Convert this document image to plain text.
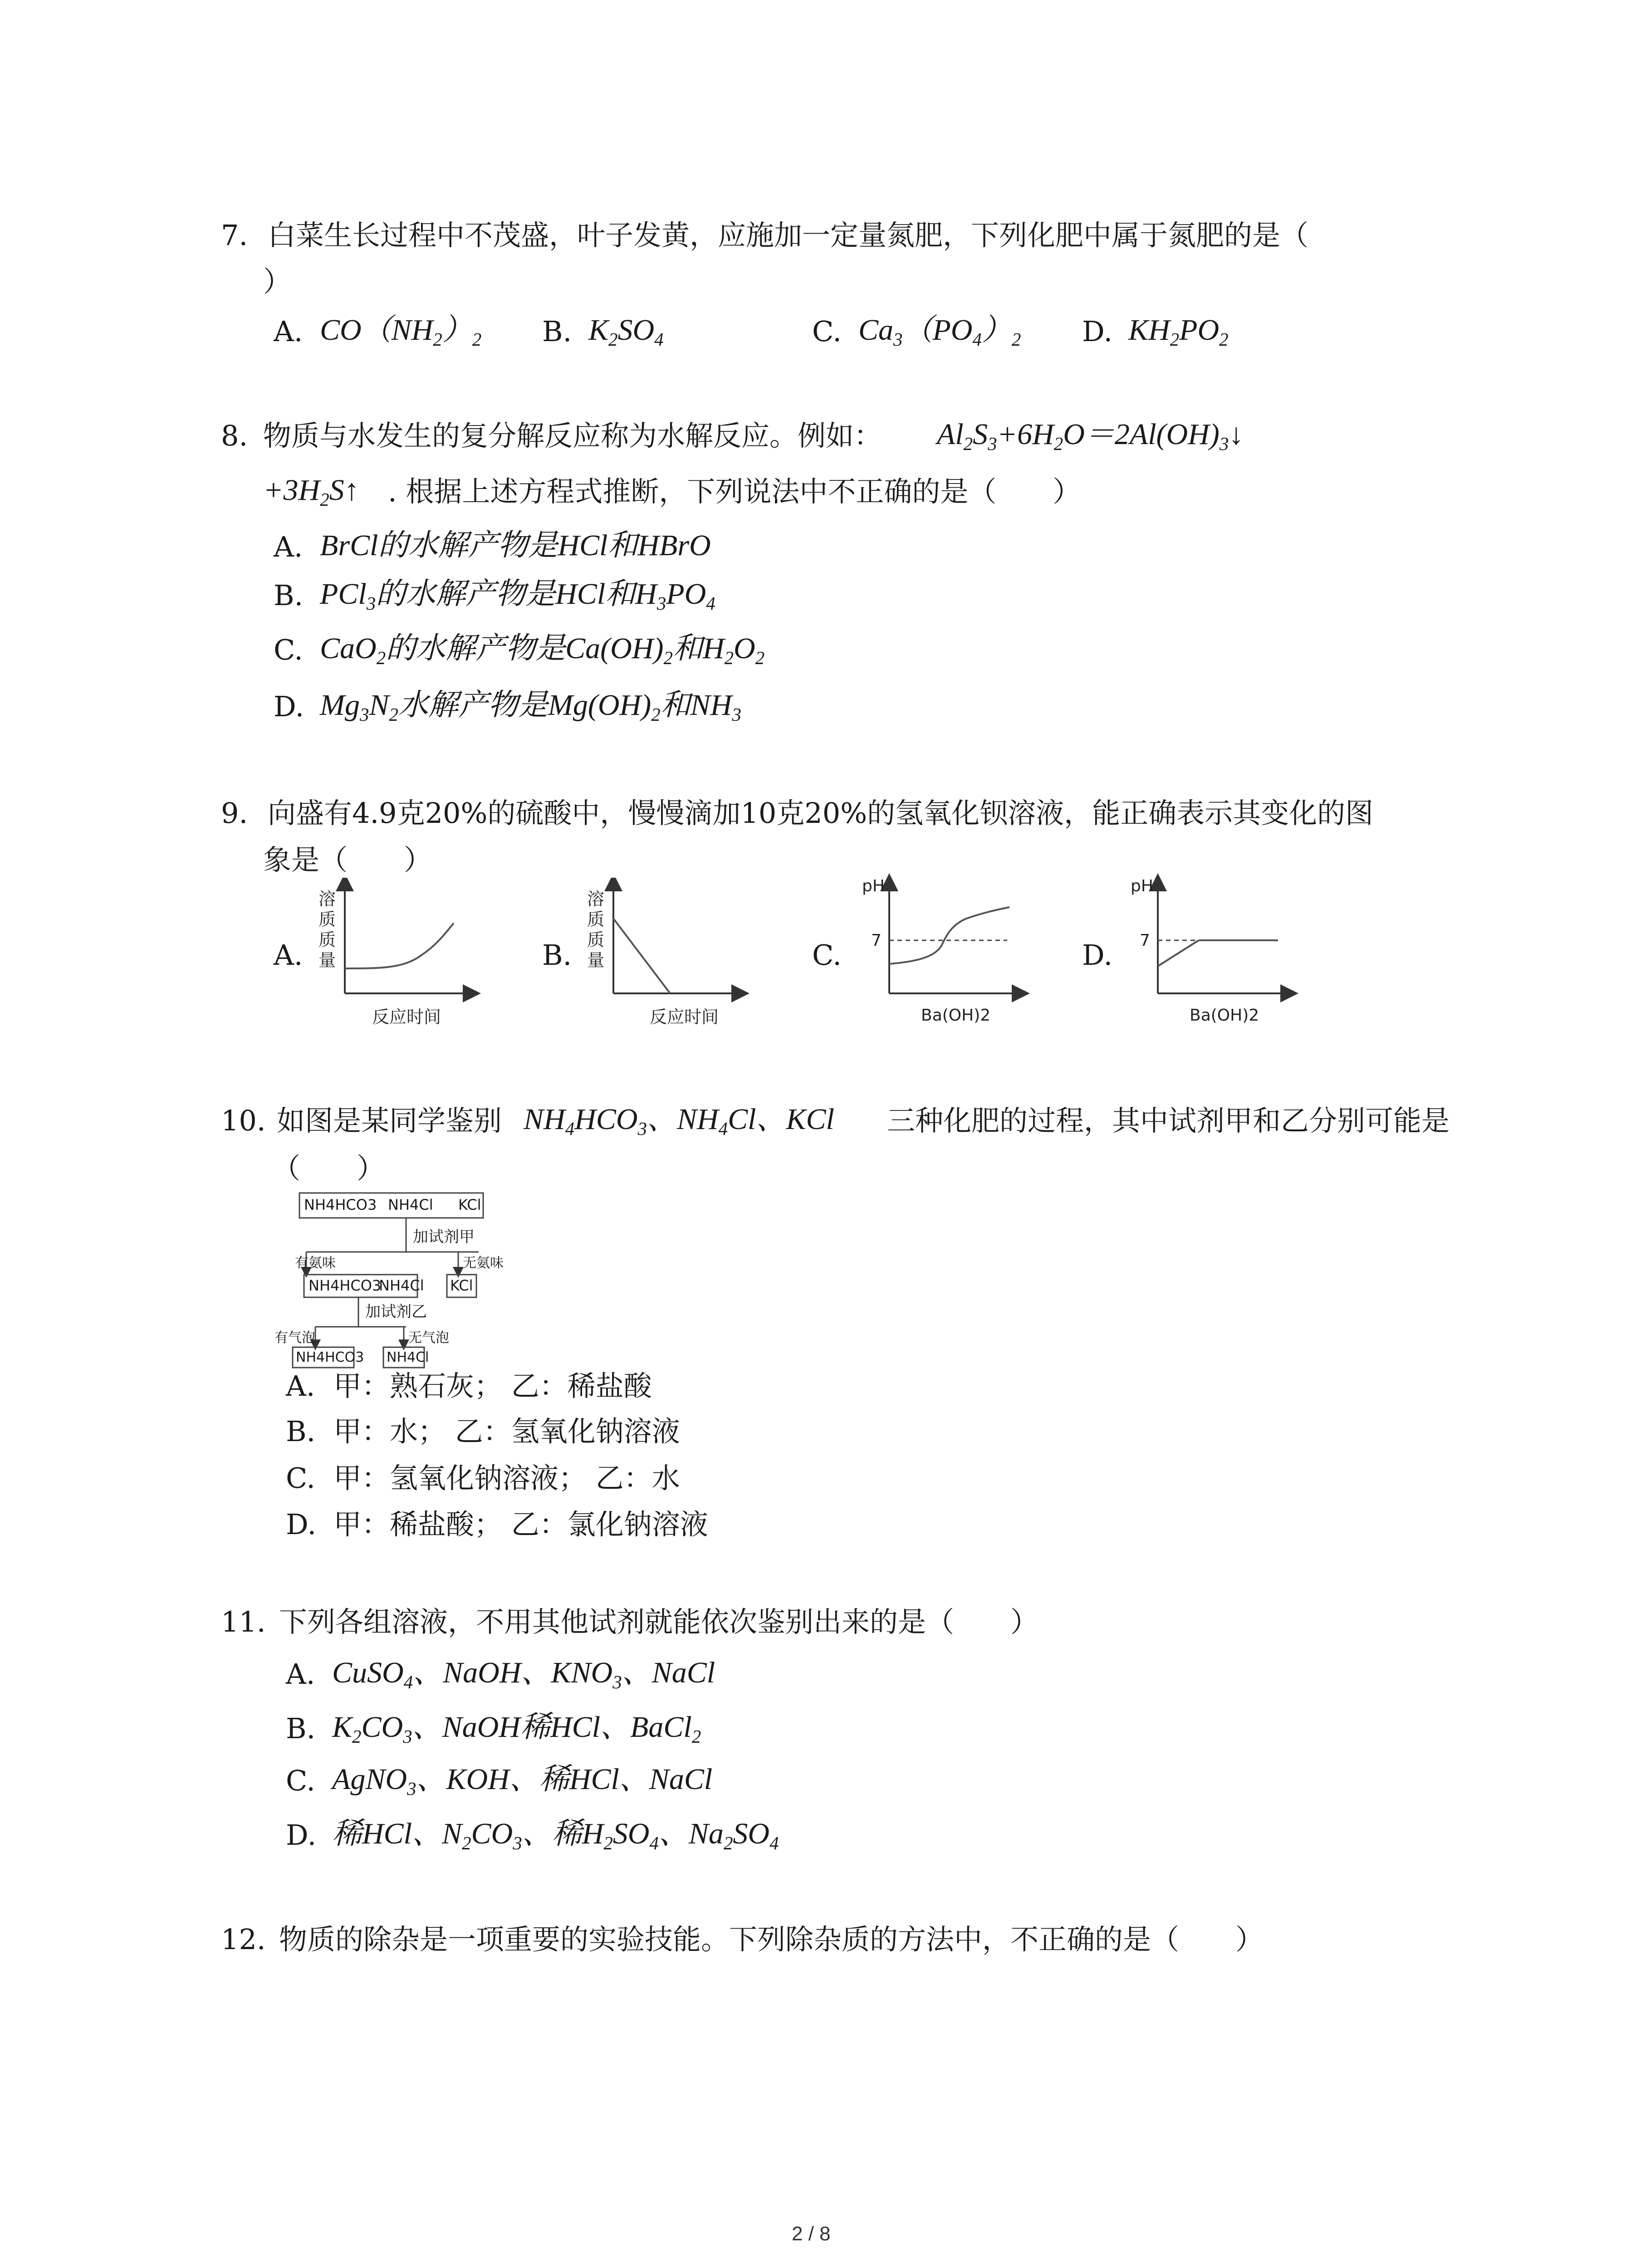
7. 白菜生长过程中不茂盛，叶子发黄，应施加一定量氮肥，下列化肥中属于氮肥的是（
）
A. $CO(NH_2)_2$ B. $K_2SO_4$	C. $Ca_3(PO_4)_2$ D. $KH_2PO_2$
8. 物质与水发生的复分解反应称为水解反应。例如： $Al_2S_3+6H_2O=2Al(OH)_3↓$
$+3H_2S↑$ . 根据上述方程式推断，下列说法中不正确的是（　　）
A. BrCl的水解产物是HCl和HBrO
B. PCl$_3$的水解产物是HCl和$H_3PO_4$
C. CaO$_2$的水解产物是$Ca(OH)_2$和$H_2O_2$
D. $Mg_3N_2$水解产物是$Mg(OH)_2$和$NH_3$
9. 向盛有4.9克20%的硫酸中，慢慢滴加10克20%的氢氧化钡溶液，能正确表示其变化的图
象是（　　）
A.	B.	C.	D.
溶
质
质
量
反应时间
溶
质
质
量
反应时间
pH
7
Ba(OH)2
pH
7
Ba(OH)2
10. 如图是某同学鉴别 $NH_4HCO_3$、$NH_4Cl$、KCl 三种化肥的过程，其中试剂甲和乙分别可能是
（　　）
NH4HCO3 NH4Cl KCl
加试剂甲
有氨味	无氨味
NH4HCO3
NH4Cl KCl
加试剂乙
有气泡	无气泡
NH4HCO3 NH4Cl
A. 甲：熟石灰； 乙：稀盐酸
B. 甲：水； 乙：氢氧化钠溶液
C. 甲：氢氧化钠溶液； 乙：水
D. 甲：稀盐酸； 乙：氯化钠溶液
11. 下列各组溶液，不用其他试剂就能依次鉴别出来的是（　　）
A. CuSO$_4$、NaOH、$KNO_3$、NaCl
B. $K_2CO_3$、NaOH稀HCl、BaCl$_2$
C. AgNO$_3$、KOH、稀HCl、NaCl
D. 稀HCl、$N_2CO_3$、稀$H_2SO_4$、$Na_2SO_4$
12. 物质的除杂是一项重要的实验技能。下列除杂质的方法中，不正确的是（　　）
2 / 8
